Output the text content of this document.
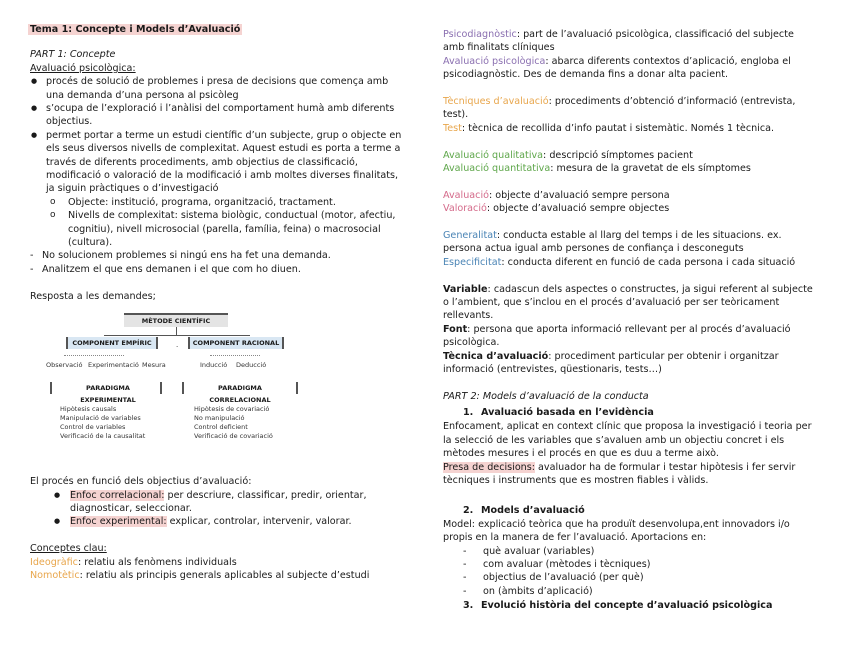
Tema 1: Concepte i Models d’Avaluació

PART 1: Concepte

Avaluació psicològica:

● procés de solució de problemes i presa de decisions que comença amb una demanda d’una persona al psicòleg
● s’ocupa de l’exploració i l’anàlisi del comportament humà amb diferents objectius.
● permet portar a terme un estudi científic d’un subjecte, grup o objecte en els seus diversos nivells de complexitat. Aquest estudi es porta a terme a través de diferents procediments, amb objectius de classificació, modificació o valoració de la modificació i amb moltes diverses finalitats, ja siguin pràctiques o d’investigació
o Objecte: institució, programa, organització, tractament.
o Nivells de complexitat: sistema biològic, conductual (motor, afectiu, cognitiu), nivell microsocial (parella, família, feina) o macrosocial (cultura).
- No solucionem problemes si ningú ens ha fet una demanda.
- Analitzem el que ens demanen i el que com ho diuen.

Resposta a les demandes;

MÈTODE CIENTÍFIC
COMPONENT EMPÍRIC	COMPONENT RACIONAL
.
Observació Experimentació Mesura	Inducció Deducció
PARADIGMA EXPERIMENTAL
PARADIGMA CORRELACIONAL
Hipòtesis causals
Manipulació de variables
Control de variables
Verificació de la causalitat
Hipòtesis de covariació
No manipulació
Control deficient
Verificació de covariació

El procés en funció dels objectius d’avaluació:

● Enfoc correlacional: per descriure, classificar, predir, orientar, diagnosticar, seleccionar.
● Enfoc experimental: explicar, controlar, intervenir, valorar.

Conceptes clau:

Ideogràfic: relatiu als fenòmens individuals

Nomotètic: relatiu als principis generals aplicables al subjecte d’estudi

Psicodiagnòstic: part de l’avaluació psicològica, classificació del subjecte amb finalitats clíniques

Avaluació psicològica: abarca diferents contextos d’aplicació, engloba el psicodiagnòstic. Des de demanda fins a donar alta pacient.

Tècniques d’avaluació: procediments d’obtenció d’informació (entrevista, test).

Test: tècnica de recollida d’info pautat i sistemàtic. Només 1 tècnica.

Avaluació qualitativa: descripció símptomes pacient

Avaluació quantitativa: mesura de la gravetat de els símptomes

Avaluació: objecte d’avaluació sempre persona

Valoració: objecte d’avaluació sempre objectes

Generalitat: conducta estable al llarg del temps i de les situacions. ex. persona actua igual amb persones de confiança i desconeguts

Especificitat: conducta diferent en funció de cada persona i cada situació

Variable: cadascun dels aspectes o constructes, ja sigui referent al subjecte o l’ambient, que s’inclou en el procés d’avaluació per ser teòricament rellevants.

Font: persona que aporta informació rellevant per al procés d’avaluació psicològica.

Tècnica d’avaluació: procediment particular per obtenir i organitzar informació (entrevistes, qüestionaris, tests…)

PART 2: Models d’avaluació de la conducta

1. Avaluació basada en l’evidència

Enfocament, aplicat en context clínic que proposa la investigació i teoria per la selecció de les variables que s’avaluen amb un objectiu concret i els mètodes mesures i el procés en que es duu a terme això.

Presa de decisions: avaluador ha de formular i testar hipòtesis i fer servir tècniques i instruments que es mostren fiables i vàlids.

2. Models d’avaluació

Model: explicació teòrica que ha produït desenvolupa,ent innovadors i/o propis en la manera de fer l’avaluació. Aportacions en:

- què avaluar (variables)
- com avaluar (mètodes i tècniques)
- objectius de l’avaluació (per què)
- on (àmbits d’aplicació)
3. Evolució història del concepte d’avaluació psicològica
